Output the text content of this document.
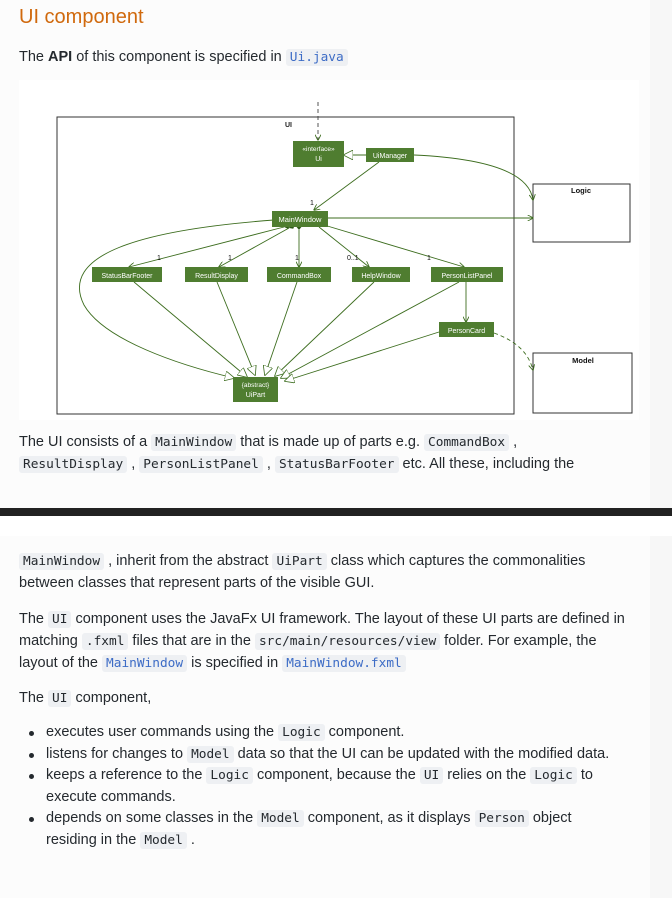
UI component

The API of this component is specified in Ui.java

UI
Logic
Model
1	1	1
1
0..1	1
«interface»
Ui	UiManager
MainWindow
StatusBarFooter	ResultDisplay	CommandBox	HelpWindow	PersonListPanel
PersonCard
{abstract}
UiPart

The UI consists of a MainWindow that is made up of parts e.g. CommandBox ,

ResultDisplay , PersonListPanel , StatusBarFooter etc. All these, including the

MainWindow , inherit from the abstract UiPart class which captures the commonalities

between classes that represent parts of the visible GUI.

The UI component uses the JavaFx UI framework. The layout of these UI parts are defined in

matching .fxml files that are in the src/main/resources/view folder. For example, the

layout of the MainWindow is specified in MainWindow.fxml

The UI component,

executes user commands using the Logic component.
listens for changes to Model data so that the UI can be updated with the modified data.
keeps a reference to the Logic component, because the UI relies on the Logic to
execute commands.
depends on some classes in the Model component, as it displays Person object
residing in the Model .
